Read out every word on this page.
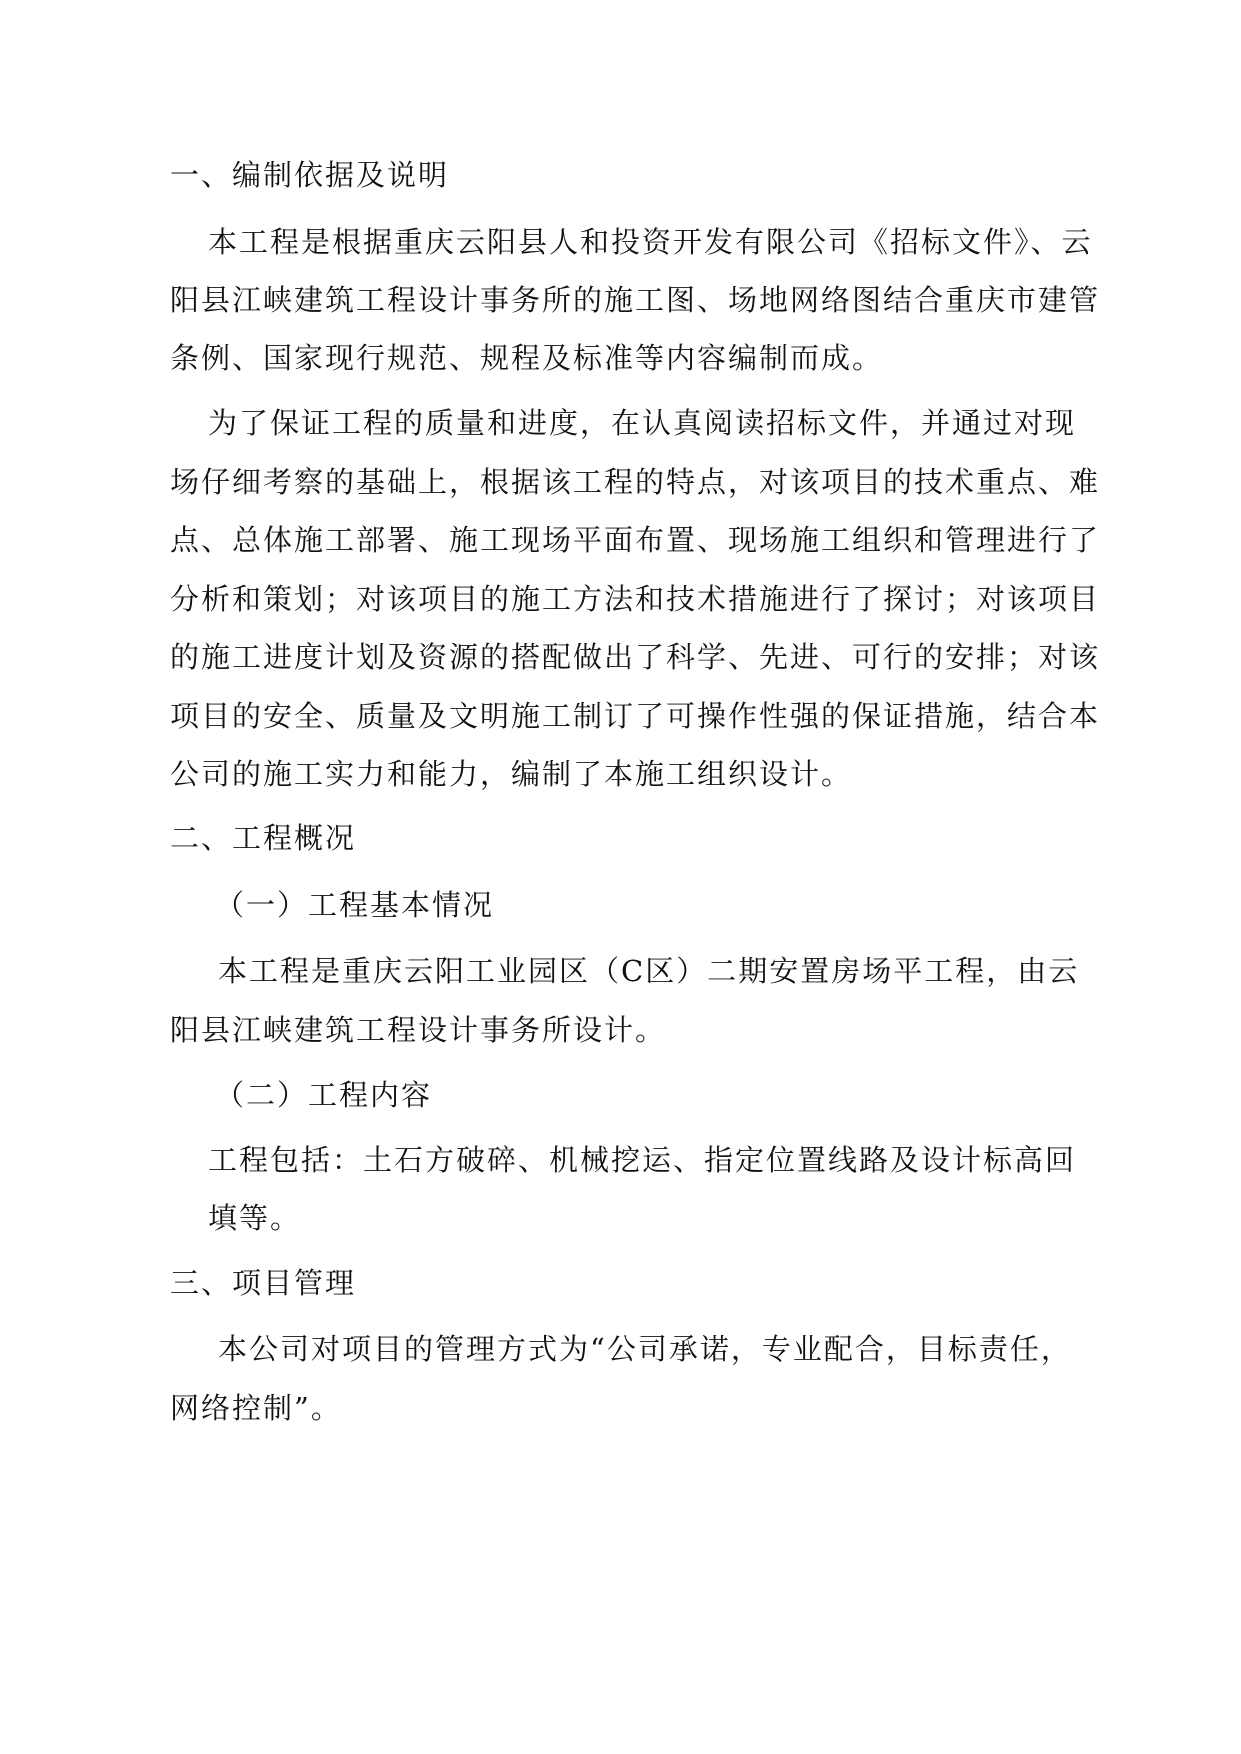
一、编制依据及说明
本工程是根据重庆云阳县人和投资开发有限公司《招标文件》、云
阳县江峡建筑工程设计事务所的施工图、场地网络图结合重庆市建管
条例、国家现行规范、规程及标准等内容编制而成。
为了保证工程的质量和进度，在认真阅读招标文件，并通过对现
场仔细考察的基础上，根据该工程的特点，对该项目的技术重点、难
点、总体施工部署、施工现场平面布置、现场施工组织和管理进行了
分析和策划；对该项目的施工方法和技术措施进行了探讨；对该项目
的施工进度计划及资源的搭配做出了科学、先进、可行的安排；对该
项目的安全、质量及文明施工制订了可操作性强的保证措施，结合本
公司的施工实力和能力，编制了本施工组织设计。
二、工程概况
（一）工程基本情况
本工程是重庆云阳工业园区（C区）二期安置房场平工程，由云
阳县江峡建筑工程设计事务所设计。
（二）工程内容
工程包括：土石方破碎、机械挖运、指定位置线路及设计标高回
填等。
三、项目管理
本公司对项目的管理方式为“公司承诺，专业配合，目标责任，
网络控制”。
